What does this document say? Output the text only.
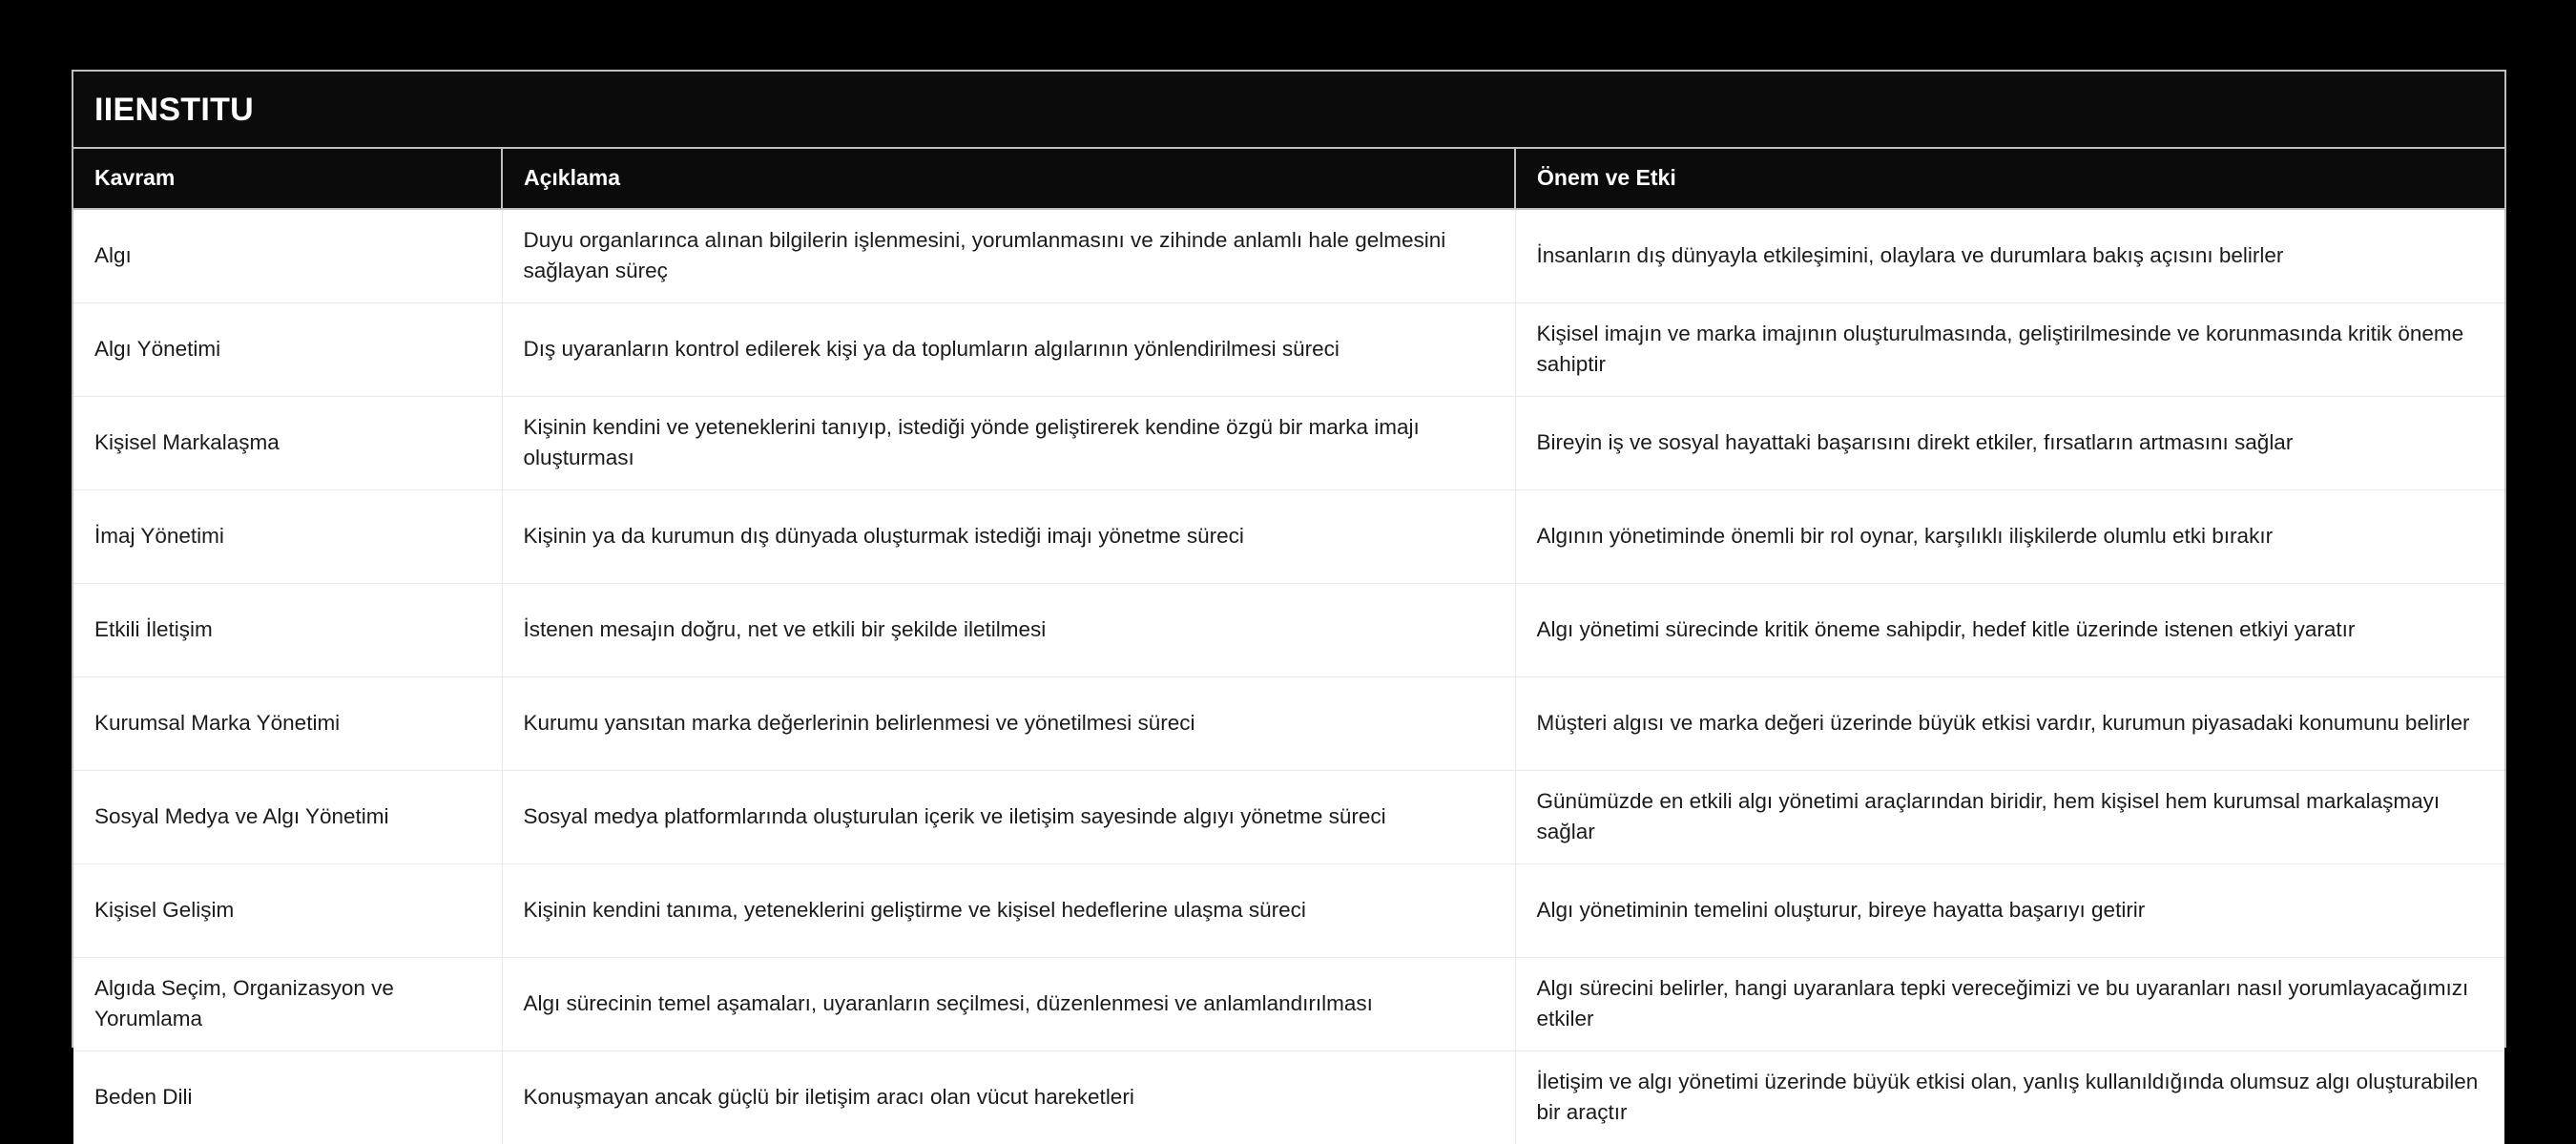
IIENSTITU
Kavram	Açıklama	Önem ve Etki
Algı	Duyu organlarınca alınan bilgilerin işlenmesini, yorumlanmasını ve zihinde anlamlı hale gelmesini sağlayan süreç	İnsanların dış dünyayla etkileşimini, olaylara ve durumlara bakış açısını belirler
Algı Yönetimi	Dış uyaranların kontrol edilerek kişi ya da toplumların algılarının yönlendirilmesi süreci	Kişisel imajın ve marka imajının oluşturulmasında, geliştirilmesinde ve korunmasında kritik öneme sahiptir
Kişisel Markalaşma	Kişinin kendini ve yeteneklerini tanıyıp, istediği yönde geliştirerek kendine özgü bir marka imajı oluşturması	Bireyin iş ve sosyal hayattaki başarısını direkt etkiler, fırsatların artmasını sağlar
İmaj Yönetimi	Kişinin ya da kurumun dış dünyada oluşturmak istediği imajı yönetme süreci	Algının yönetiminde önemli bir rol oynar, karşılıklı ilişkilerde olumlu etki bırakır
Etkili İletişim	İstenen mesajın doğru, net ve etkili bir şekilde iletilmesi	Algı yönetimi sürecinde kritik öneme sahipdir, hedef kitle üzerinde istenen etkiyi yaratır
Kurumsal Marka Yönetimi	Kurumu yansıtan marka değerlerinin belirlenmesi ve yönetilmesi süreci	Müşteri algısı ve marka değeri üzerinde büyük etkisi vardır, kurumun piyasadaki konumunu belirler
Sosyal Medya ve Algı Yönetimi	Sosyal medya platformlarında oluşturulan içerik ve iletişim sayesinde algıyı yönetme süreci	Günümüzde en etkili algı yönetimi araçlarından biridir, hem kişisel hem kurumsal markalaşmayı sağlar
Kişisel Gelişim	Kişinin kendini tanıma, yeteneklerini geliştirme ve kişisel hedeflerine ulaşma süreci	Algı yönetiminin temelini oluşturur, bireye hayatta başarıyı getirir
Algıda Seçim, Organizasyon ve Yorumlama	Algı sürecinin temel aşamaları, uyaranların seçilmesi, düzenlenmesi ve anlamlandırılması	Algı sürecini belirler, hangi uyaranlara tepki vereceğimizi ve bu uyaranları nasıl yorumlayacağımızı etkiler
Beden Dili	Konuşmayan ancak güçlü bir iletişim aracı olan vücut hareketleri	İletişim ve algı yönetimi üzerinde büyük etkisi olan, yanlış kullanıldığında olumsuz algı oluşturabilen bir araçtır
